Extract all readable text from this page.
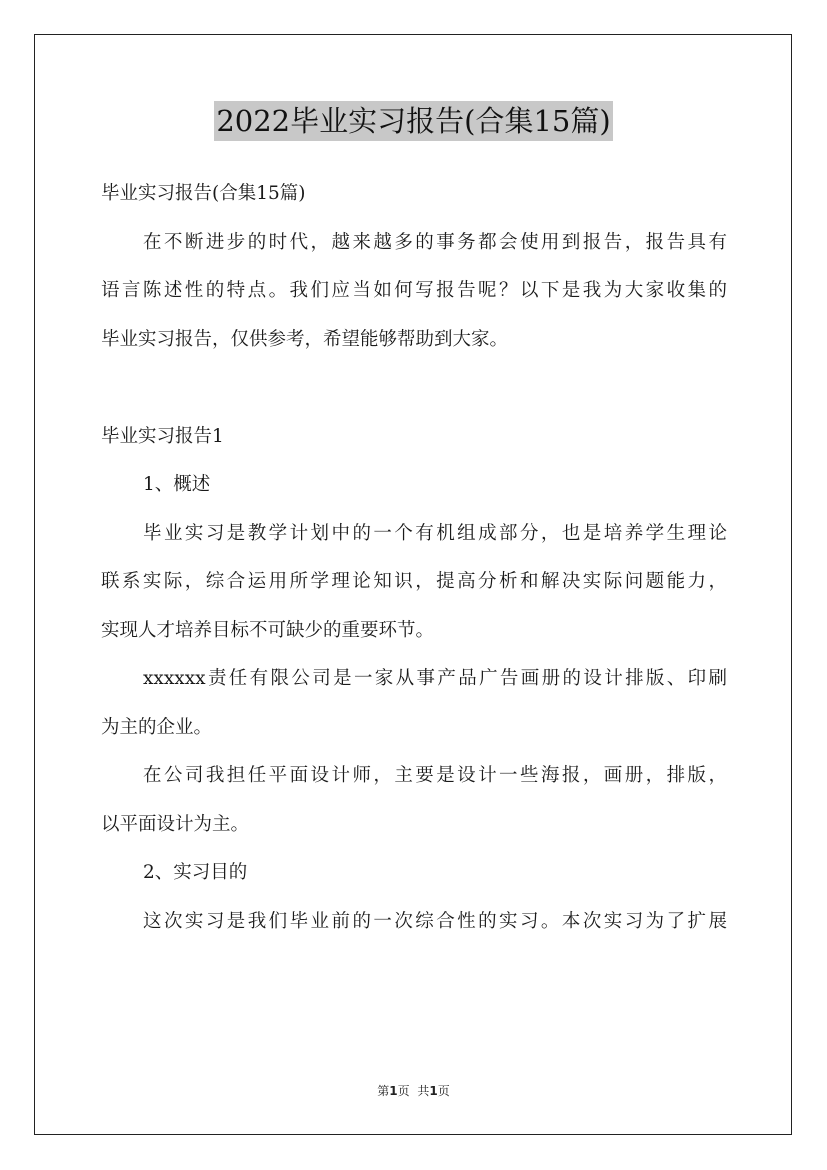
2022毕业实习报告(合集15篇)
毕业实习报告(合集15篇)
在不断进步的时代，越来越多的事务都会使用到报告，报告具有
语言陈述性的特点。我们应当如何写报告呢？以下是我为大家收集的
毕业实习报告，仅供参考，希望能够帮助到大家。
毕业实习报告1
1、概述
毕业实习是教学计划中的一个有机组成部分，也是培养学生理论
联系实际，综合运用所学理论知识，提高分析和解决实际问题能力，
实现人才培养目标不可缺少的重要环节。
xxxxxx责任有限公司是一家从事产品广告画册的设计排版、印刷
为主的企业。
在公司我担任平面设计师，主要是设计一些海报，画册，排版，
以平面设计为主。
2、实习目的
这次实习是我们毕业前的一次综合性的实习。本次实习为了扩展
第1页 共1页
